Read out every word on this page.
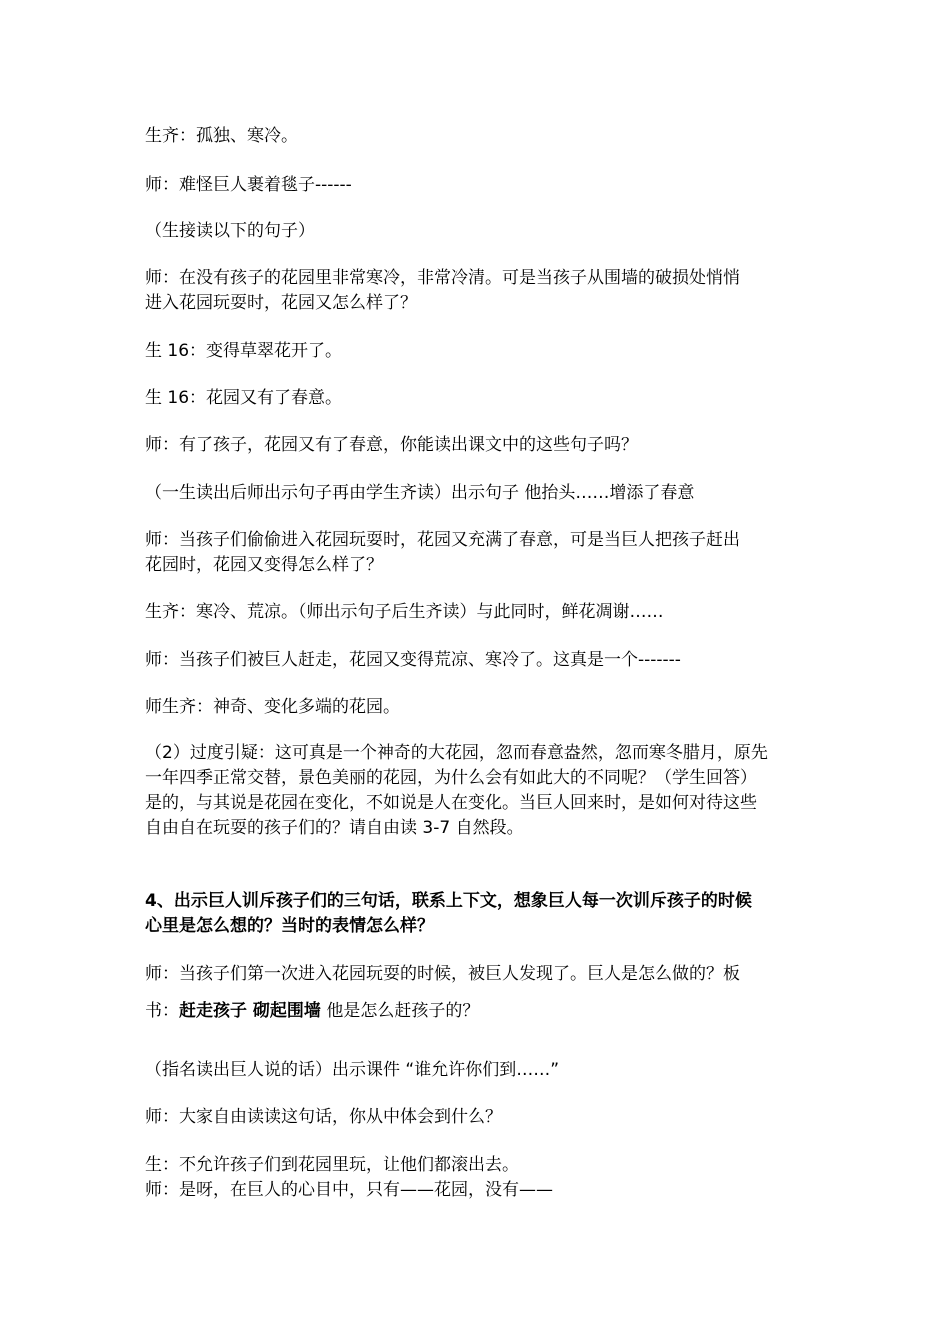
生齐：孤独、寒冷。

师：难怪巨人裹着毯子------

（生接读以下的句子）

师：在没有孩子的花园里非常寒冷，非常冷清。可是当孩子从围墙的破损处悄悄

进入花园玩耍时，花园又怎么样了？

生 16：变得草翠花开了。

生 16：花园又有了春意。

师：有了孩子，花园又有了春意，你能读出课文中的这些句子吗？

（一生读出后师出示句子再由学生齐读）出示句子 他抬头……增添了春意

师：当孩子们偷偷进入花园玩耍时，花园又充满了春意，可是当巨人把孩子赶出

花园时，花园又变得怎么样了？

生齐：寒冷、荒凉。（师出示句子后生齐读）与此同时，鲜花凋谢……

师：当孩子们被巨人赶走，花园又变得荒凉、寒冷了。这真是一个-------

师生齐：神奇、变化多端的花园。

（2）过度引疑：这可真是一个神奇的大花园，忽而春意盎然，忽而寒冬腊月，原先

一年四季正常交替，景色美丽的花园，为什么会有如此大的不同呢？（学生回答）

是的，与其说是花园在变化，不如说是人在变化。当巨人回来时，是如何对待这些

自由自在玩耍的孩子们的？请自由读 3-7 自然段。

4、出示巨人训斥孩子们的三句话，联系上下文，想象巨人每一次训斥孩子的时候

心里是怎么想的？当时的表情怎么样？

师：当孩子们第一次进入花园玩耍的时候，被巨人发现了。巨人是怎么做的？板

书：赶走孩子 砌起围墙 他是怎么赶孩子的？

（指名读出巨人说的话）出示课件 “谁允许你们到……”

师：大家自由读读这句话，你从中体会到什么？

生：不允许孩子们到花园里玩，让他们都滚出去。

师：是呀，在巨人的心目中，只有——花园，没有——
